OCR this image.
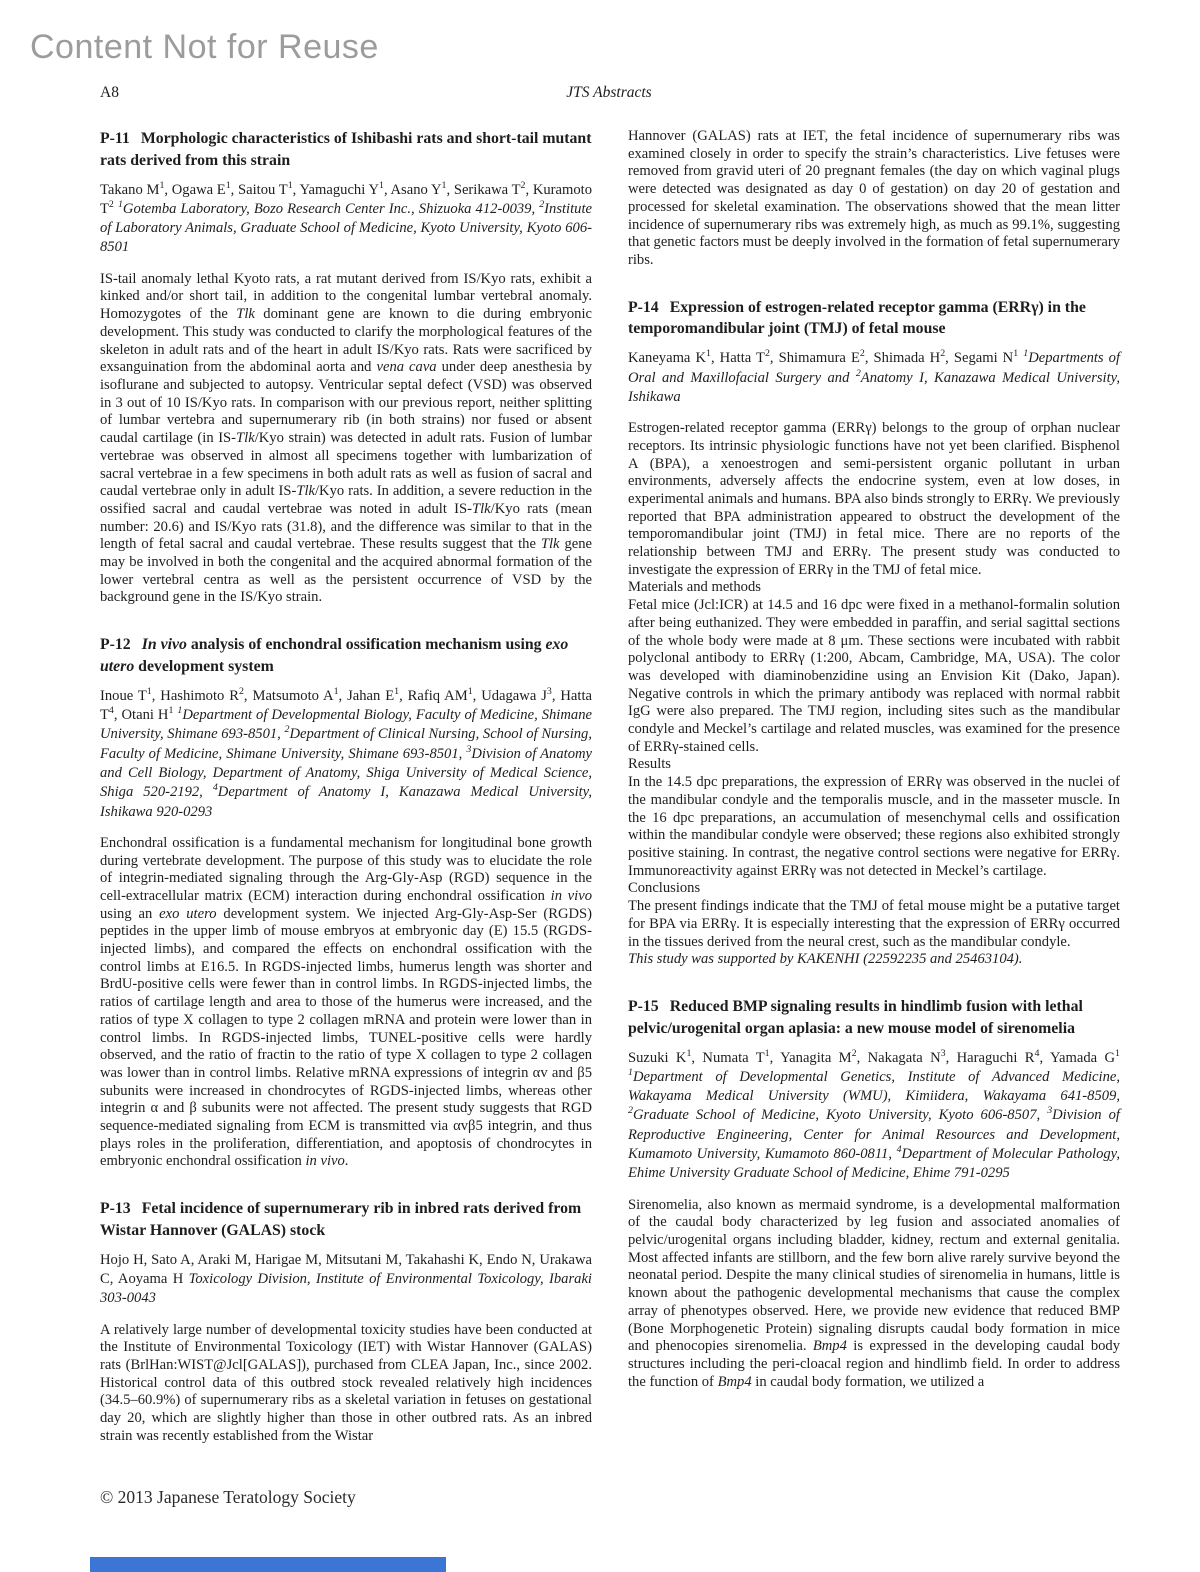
Content Not for Reuse
A8	JTS Abstracts
P-11 Morphologic characteristics of Ishibashi rats and short-tail mutant rats derived from this strain

Takano $M^1$, Ogawa $E^1$, Saitou $T^1$, Yamaguchi $Y^1$, Asano $Y^1$, Serikawa $T^2$, Kuramoto $T^2$ $^1$Gotemba Laboratory, Bozo Research Center Inc., Shizuoka 412-0039, $^2$Institute of Laboratory Animals, Graduate School of Medicine, Kyoto University, Kyoto 606-8501

IS-tail anomaly lethal Kyoto rats, a rat mutant derived from IS/Kyo rats, exhibit a kinked and/or short tail, in addition to the congenital lumbar vertebral anomaly. Homozygotes of the Tlk dominant gene are known to die during embryonic development. This study was conducted to clarify the morphological features of the skeleton in adult rats and of the heart in adult IS/Kyo rats. Rats were sacrificed by exsanguination from the abdominal aorta and vena cava under deep anesthesia by isoflurane and subjected to autopsy. Ventricular septal defect (VSD) was observed in 3 out of 10 IS/Kyo rats. In comparison with our previous report, neither splitting of lumbar vertebra and supernumerary rib (in both strains) nor fused or absent caudal cartilage (in IS-Tlk/Kyo strain) was detected in adult rats. Fusion of lumbar vertebrae was observed in almost all specimens together with lumbarization of sacral vertebrae in a few specimens in both adult rats as well as fusion of sacral and caudal vertebrae only in adult IS-Tlk/Kyo rats. In addition, a severe reduction in the ossified sacral and caudal vertebrae was noted in adult IS-Tlk/Kyo rats (mean number: 20.6) and IS/Kyo rats (31.8), and the difference was similar to that in the length of fetal sacral and caudal vertebrae. These results suggest that the Tlk gene may be involved in both the congenital and the acquired abnormal formation of the lower vertebral centra as well as the persistent occurrence of VSD by the background gene in the IS/Kyo strain.

P-12 In vivo analysis of enchondral ossification mechanism using exo utero development system

Inoue $T^1$, Hashimoto $R^2$, Matsumoto $A^1$, Jahan $E^1$, Rafiq $AM^1$, Udagawa $J^3$, Hatta $T^4$, Otani $H^1$ $^1$Department of Developmental Biology, Faculty of Medicine, Shimane University, Shimane 693-8501, $^2$Department of Clinical Nursing, School of Nursing, Faculty of Medicine, Shimane University, Shimane 693-8501, $^3$Division of Anatomy and Cell Biology, Department of Anatomy, Shiga University of Medical Science, Shiga 520-2192, $^4$Department of Anatomy I, Kanazawa Medical University, Ishikawa 920-0293

Enchondral ossification is a fundamental mechanism for longitudinal bone growth during vertebrate development. The purpose of this study was to elucidate the role of integrin-mediated signaling through the Arg-Gly-Asp (RGD) sequence in the cell-extracellular matrix (ECM) interaction during enchondral ossification in vivo using an exo utero development system. We injected Arg-Gly-Asp-Ser (RGDS) peptides in the upper limb of mouse embryos at embryonic day (E) 15.5 (RGDS-injected limbs), and compared the effects on enchondral ossification with the control limbs at E16.5. In RGDS-injected limbs, humerus length was shorter and BrdU-positive cells were fewer than in control limbs. In RGDS-injected limbs, the ratios of cartilage length and area to those of the humerus were increased, and the ratios of type X collagen to type 2 collagen mRNA and protein were lower than in control limbs. In RGDS-injected limbs, TUNEL-positive cells were hardly observed, and the ratio of fractin to the ratio of type X collagen to type 2 collagen was lower than in control limbs. Relative mRNA expressions of integrin αv and β5 subunits were increased in chondrocytes of RGDS-injected limbs, whereas other integrin α and β subunits were not affected. The present study suggests that RGD sequence-mediated signaling from ECM is transmitted via αvβ5 integrin, and thus plays roles in the proliferation, differentiation, and apoptosis of chondrocytes in embryonic enchondral ossification in vivo.

P-13 Fetal incidence of supernumerary rib in inbred rats derived from Wistar Hannover (GALAS) stock

Hojo H, Sato A, Araki M, Harigae M, Mitsutani M, Takahashi K, Endo N, Urakawa C, Aoyama H Toxicology Division, Institute of Environmental Toxicology, Ibaraki 303-0043

A relatively large number of developmental toxicity studies have been conducted at the Institute of Environmental Toxicology (IET) with Wistar Hannover (GALAS) rats (BrlHan:WIST@Jcl[GALAS]), purchased from CLEA Japan, Inc., since 2002. Historical control data of this outbred stock revealed relatively high incidences (34.5–60.9%) of supernumerary ribs as a skeletal variation in fetuses on gestational day 20, which are slightly higher than those in other outbred rats. As an inbred strain was recently established from the Wistar

Hannover (GALAS) rats at IET, the fetal incidence of supernumerary ribs was examined closely in order to specify the strain’s characteristics. Live fetuses were removed from gravid uteri of 20 pregnant females (the day on which vaginal plugs were detected was designated as day 0 of gestation) on day 20 of gestation and processed for skeletal examination. The observations showed that the mean litter incidence of supernumerary ribs was extremely high, as much as 99.1%, suggesting that genetic factors must be deeply involved in the formation of fetal supernumerary ribs.

P-14 Expression of estrogen-related receptor gamma (ERRγ) in the temporomandibular joint (TMJ) of fetal mouse

Kaneyama $K^1$, Hatta $T^2$, Shimamura $E^2$, Shimada $H^2$, Segami $N^1$ $^1$Departments of Oral and Maxillofacial Surgery and $^2$Anatomy I, Kanazawa Medical University, Ishikawa

Estrogen-related receptor gamma (ERRγ) belongs to the group of orphan nuclear receptors. Its intrinsic physiologic functions have not yet been clarified. Bisphenol A (BPA), a xenoestrogen and semi-persistent organic pollutant in urban environments, adversely affects the endocrine system, even at low doses, in experimental animals and humans. BPA also binds strongly to ERRγ. We previously reported that BPA administration appeared to obstruct the development of the temporomandibular joint (TMJ) in fetal mice. There are no reports of the relationship between TMJ and ERRγ. The present study was conducted to investigate the expression of ERRγ in the TMJ of fetal mice.
Materials and methods
Fetal mice (Jcl:ICR) at 14.5 and 16 dpc were fixed in a methanol-formalin solution after being euthanized. They were embedded in paraffin, and serial sagittal sections of the whole body were made at 8 μm. These sections were incubated with rabbit polyclonal antibody to ERRγ (1:200, Abcam, Cambridge, MA, USA). The color was developed with diaminobenzidine using an Envision Kit (Dako, Japan). Negative controls in which the primary antibody was replaced with normal rabbit IgG were also prepared. The TMJ region, including sites such as the mandibular condyle and Meckel’s cartilage and related muscles, was examined for the presence of ERRγ-stained cells.
Results
In the 14.5 dpc preparations, the expression of ERRγ was observed in the nuclei of the mandibular condyle and the temporalis muscle, and in the masseter muscle. In the 16 dpc preparations, an accumulation of mesenchymal cells and ossification within the mandibular condyle were observed; these regions also exhibited strongly positive staining. In contrast, the negative control sections were negative for ERRγ. Immunoreactivity against ERRγ was not detected in Meckel’s cartilage.
Conclusions
The present findings indicate that the TMJ of fetal mouse might be a putative target for BPA via ERRγ. It is especially interesting that the expression of ERRγ occurred in the tissues derived from the neural crest, such as the mandibular condyle.
This study was supported by KAKENHI (22592235 and 25463104).
P-15 Reduced BMP signaling results in hindlimb fusion with lethal pelvic/urogenital organ aplasia: a new mouse model of sirenomelia

Suzuki $K^1$, Numata $T^1$, Yanagita $M^2$, Nakagata $N^3$, Haraguchi $R^4$, Yamada $G^1$ $^1$Department of Developmental Genetics, Institute of Advanced Medicine, Wakayama Medical University (WMU), Kimiidera, Wakayama 641-8509, $^2$Graduate School of Medicine, Kyoto University, Kyoto 606-8507, $^3$Division of Reproductive Engineering, Center for Animal Resources and Development, Kumamoto University, Kumamoto 860-0811, $^4$Department of Molecular Pathology, Ehime University Graduate School of Medicine, Ehime 791-0295

Sirenomelia, also known as mermaid syndrome, is a developmental malformation of the caudal body characterized by leg fusion and associated anomalies of pelvic/urogenital organs including bladder, kidney, rectum and external genitalia. Most affected infants are stillborn, and the few born alive rarely survive beyond the neonatal period. Despite the many clinical studies of sirenomelia in humans, little is known about the pathogenic developmental mechanisms that cause the complex array of phenotypes observed. Here, we provide new evidence that reduced BMP (Bone Morphogenetic Protein) signaling disrupts caudal body formation in mice and phenocopies sirenomelia. Bmp4 is expressed in the developing caudal body structures including the peri-cloacal region and hindlimb field. In order to address the function of Bmp4 in caudal body formation, we utilized a

© 2013 Japanese Teratology Society
